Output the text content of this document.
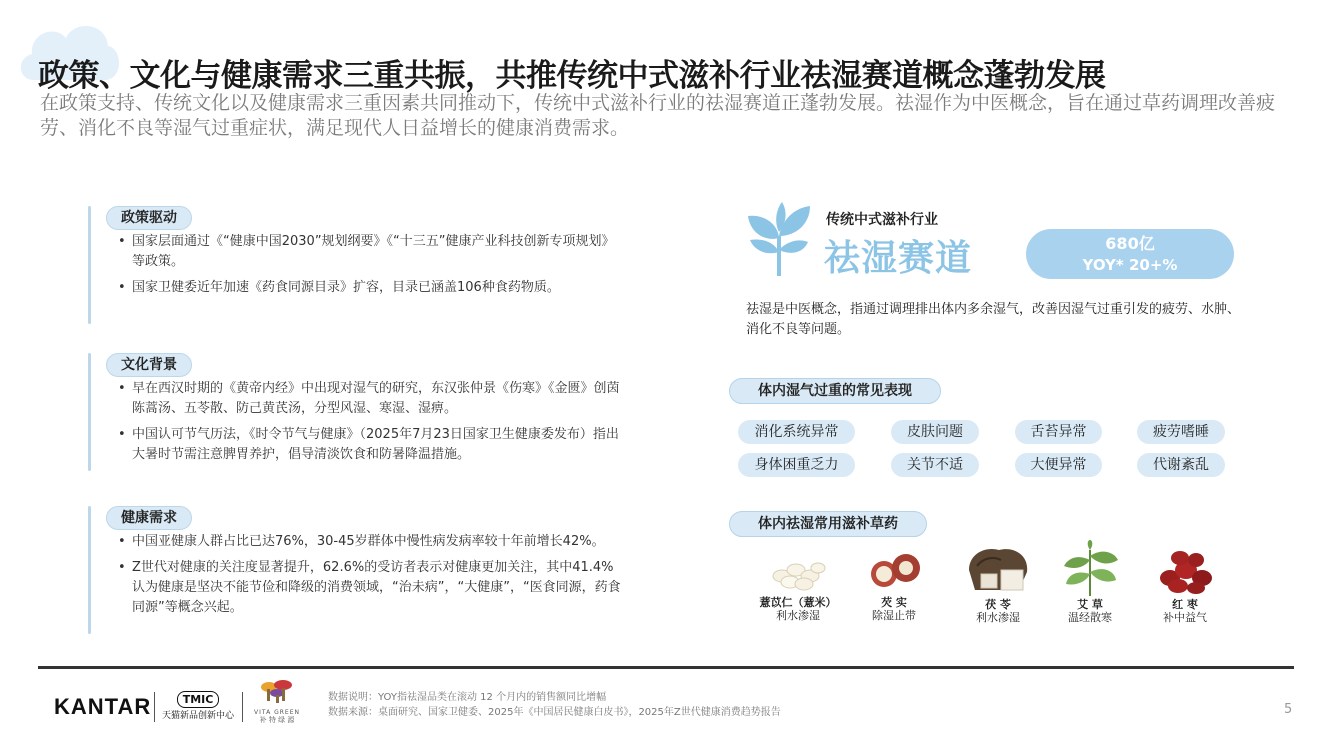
政策、文化与健康需求三重共振，共推传统中式滋补行业祛湿赛道概念蓬勃发展
在政策支持、传统文化以及健康需求三重因素共同推动下，传统中式滋补行业的祛湿赛道正蓬勃发展。祛湿作为中医概念，旨在通过草药调理改善疲劳、消化不良等湿气过重症状，满足现代人日益增长的健康消费需求。
政策驱动
• 国家层面通过《“健康中国2030”规划纲要》《“十三五”健康产业科技创新专项规划》等政策。
• 国家卫健委近年加速《药食同源目录》扩容，目录已涵盖106种食药物质。
文化背景
• 早在西汉时期的《黄帝内经》中出现对湿气的研究，东汉张仲景《伤寒》《金匮》创茵陈蒿汤、五苓散、防己黄芪汤，分型风湿、寒湿、湿痹。
• 中国认可节气历法，《时令节气与健康》（2025年7月23日国家卫生健康委发布）指出大暑时节需注意脾胃养护，倡导清淡饮食和防暑降温措施。
健康需求
• 中国亚健康人群占比已达76%，30-45岁群体中慢性病发病率较十年前增长42%。
• Z世代对健康的关注度显著提升，62.6%的受访者表示对健康更加关注，其中41.4%认为健康是坚决不能节俭和降级的消费领域，“治未病”，“大健康”，“医食同源，药食同源”等概念兴起。
传统中式滋补行业
祛湿赛道	680亿
YOY* 20+%
祛湿是中医概念，指通过调理排出体内多余湿气，改善因湿气过重引发的疲劳、水肿、消化不良等问题。
体内湿气过重的常见表现
消化系统异常	皮肤问题	舌苔异常	疲劳嗜睡
身体困重乏力	关节不适	大便异常	代谢紊乱
体内祛湿常用滋补草药
薏苡仁（薏米）
利水渗湿
芡 实
除湿止带
茯 苓
利水渗湿
艾 草
温经散寒
红 枣
补中益气
KANTAR	TMIC
天猫新品创新中心	VITA GREEN
补 特 绿 源
数据说明：YOY指祛湿品类在滚动 12 个月内的销售额同比增幅
数据来源：桌面研究、国家卫健委、2025年《中国居民健康白皮书》，2025年Z世代健康消费趋势报告	5
